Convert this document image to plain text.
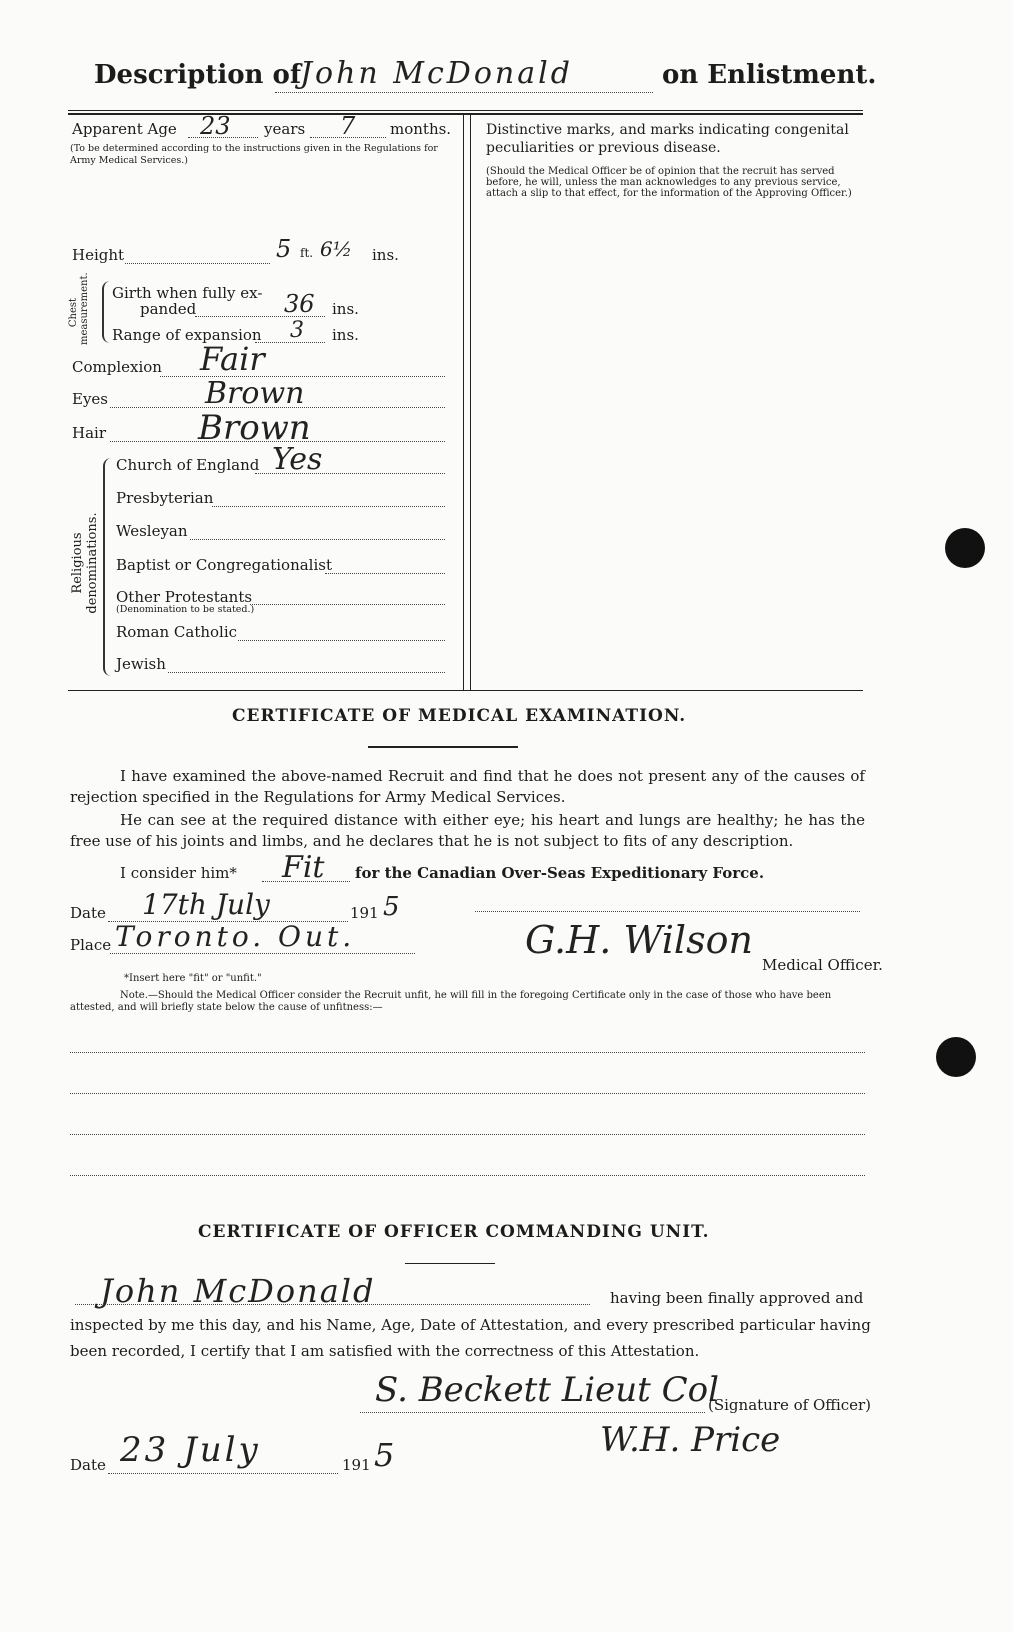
Description of
John McDonald	on Enlistment.
Apparent Age 23 years 7 months.
(To be determined according to the instructions given in the Regulations for Army Medical Services.)
Height	5 ft. 6½ ins.
Chest measurement. Girth when fully ex-
panded	36 ins.
Range of expansion 3 ins.
Complexion Fair
Eyes	Brown
Hair	Brown
Religious denominations.
Church of England Yes
Presbyterian
Wesleyan
Baptist or Congregationalist
Other Protestants
(Denomination to be stated.)
Roman Catholic
Jewish
Distinctive marks, and marks indicating congenital peculiarities or previous disease.
(Should the Medical Officer be of opinion that the recruit has served before, he will, unless the man acknowledges to any previous service, attach a slip to that effect, for the information of the Approving Officer.)
CERTIFICATE OF MEDICAL EXAMINATION.
I have examined the above-named Recruit and find that he does not present any of the causes of rejection specified in the Regulations for Army Medical Services.
He can see at the required distance with either eye; his heart and lungs are healthy; he has the free use of his joints and limbs, and he declares that he is not subject to fits of any description.
I consider him* Fit for the Canadian Over-Seas Expeditionary Force.
Date 17th July	191 5
Place Toronto. Out.	G.H. Wilson
Medical Officer.
*Insert here "fit" or "unfit."
Note.—Should the Medical Officer consider the Recruit unfit, he will fill in the foregoing Certificate only in the case of those who have been attested, and will briefly state below the cause of unfitness:—
CERTIFICATE OF OFFICER COMMANDING UNIT.
John McDonald	having been finally approved and
inspected by me this day, and his Name, Age, Date of Attestation, and every prescribed particular having
been recorded, I certify that I am satisfied with the correctness of this Attestation.
S. Beckett Lieut Col
(Signature of Officer)
W.H. Price
Date 23 July	191 5
